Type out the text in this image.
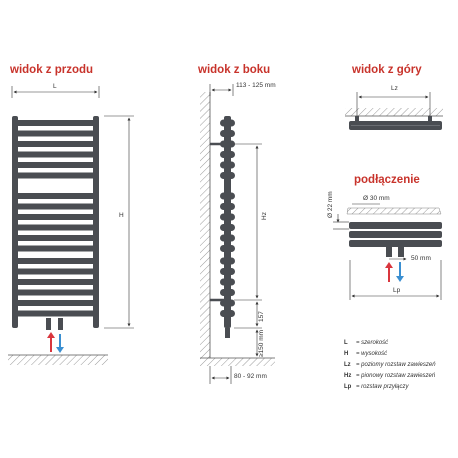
widok z przodu	widok z boku	widok z góry
podłączenie
L
H
113 - 125 mm
Hz
157
≥150 mm
80 - 92 mm
Lz
Ø 22 mm	Ø 30 mm
50 mm
Lp
L = szerokość
H = wysokość
Lz = poziomy rozstaw zawieszeń
Hz = pionowy rozstaw zawieszeń
Lp = rozstaw przyłączy
